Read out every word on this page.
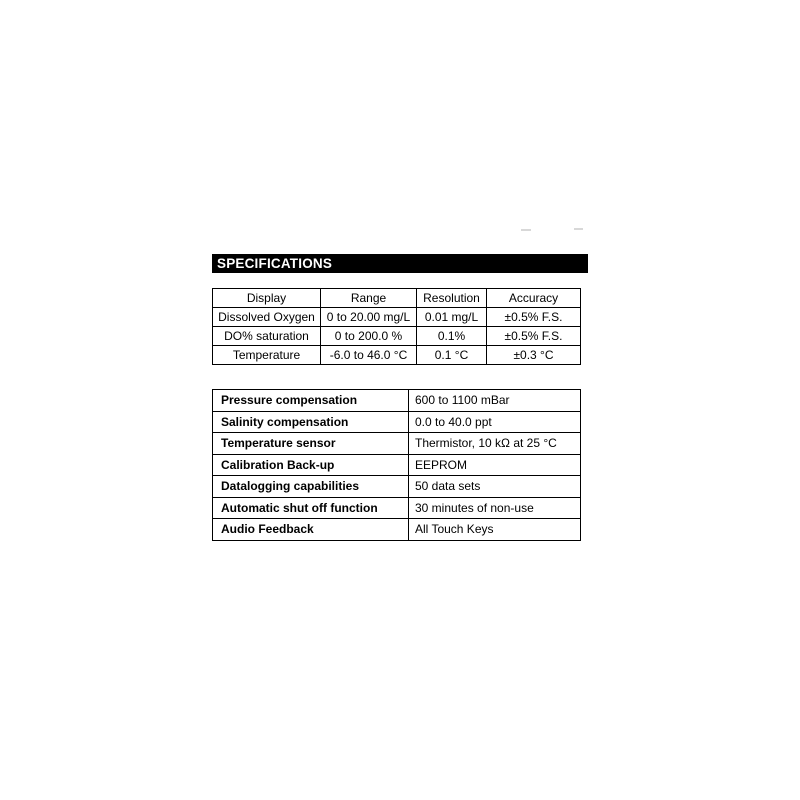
SPECIFICATIONS
Display	Range	Resolution	Accuracy
Dissolved Oxygen	0 to 20.00 mg/L	0.01 mg/L	±0.5% F.S.
DO% saturation	0 to 200.0 %	0.1%	±0.5% F.S.
Temperature	-6.0 to 46.0 °C	0.1 °C	±0.3 °C
Pressure compensation	600 to 1100 mBar
Salinity compensation	0.0 to 40.0 ppt
Temperature sensor	Thermistor, 10 kΩ at 25 °C
Calibration Back-up	EEPROM
Datalogging capabilities	50 data sets
Automatic shut off function	30 minutes of non-use
Audio Feedback	All Touch Keys
